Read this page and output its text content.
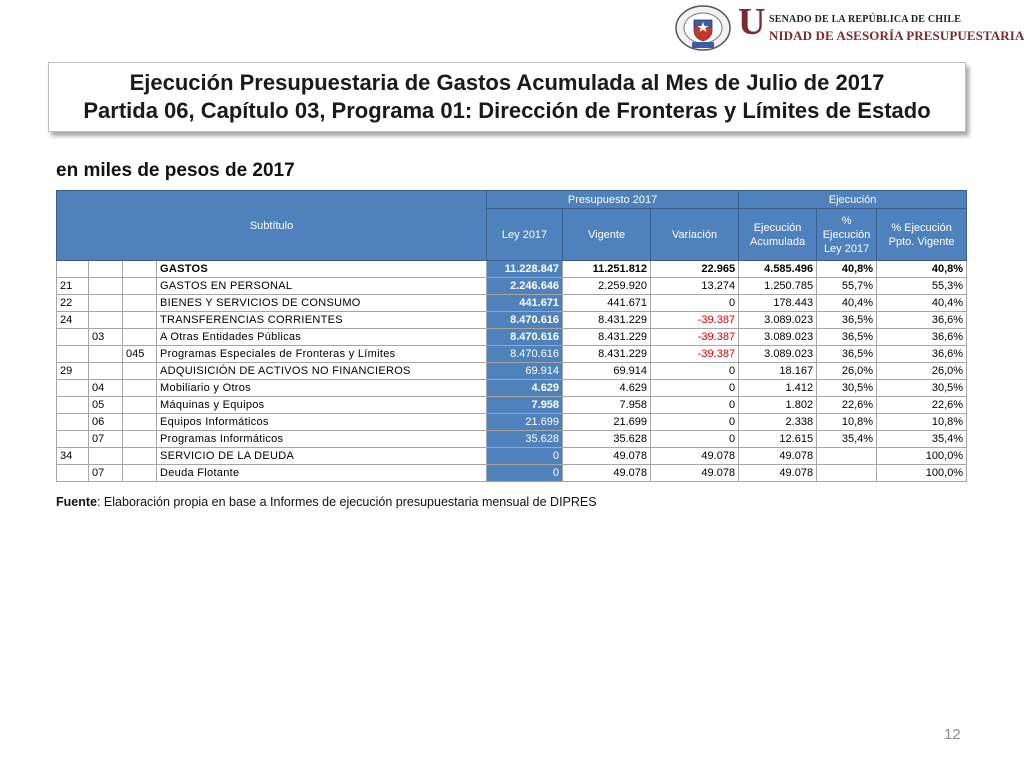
U SENADO DE LA REPÚBLICA DE CHILE
NIDAD DE ASESORÍA PRESUPUESTARIA
Ejecución Presupuestaria de Gastos Acumulada al Mes de Julio de 2017
Partida 06, Capítulo 03, Programa 01: Dirección de Fronteras y Límites de Estado
en miles de pesos de 2017
Subtítulo				Presupuesto 2017			Ejecución		
				Ley 2017	Vigente	Variación	Ejecución Acumulada	% Ejecución Ley 2017	% Ejecución Ppto. Vigente
			GASTOS	11.228.847	11.251.812	22.965	4.585.496	40,8%	40,8%
21			GASTOS EN PERSONAL	2.246.646	2.259.920	13.274	1.250.785	55,7%	55,3%
22			BIENES Y SERVICIOS DE CONSUMO	441.671	441.671	0	178.443	40,4%	40,4%
24			TRANSFERENCIAS CORRIENTES	8.470.616	8.431.229	-39.387	3.089.023	36,5%	36,6%
	03		A Otras Entidades Públicas	8.470.616	8.431.229	-39.387	3.089.023	36,5%	36,6%
		045	Programas Especiales de Fronteras y Límites	8.470.616	8.431.229	-39.387	3.089.023	36,5%	36,6%
29			ADQUISICIÓN DE ACTIVOS NO FINANCIEROS	69.914	69.914	0	18.167	26,0%	26,0%
	04		Mobiliario y Otros	4.629	4.629	0	1.412	30,5%	30,5%
	05		Máquinas y Equipos	7.958	7.958	0	1.802	22,6%	22,6%
	06		Equipos Informáticos	21.699	21.699	0	2.338	10,8%	10,8%
	07		Programas Informáticos	35.628	35.628	0	12.615	35,4%	35,4%
34			SERVICIO DE LA DEUDA	0	49.078	49.078	49.078		100,0%
	07		Deuda Flotante	0	49.078	49.078	49.078		100,0%
Fuente: Elaboración propia en base a Informes de ejecución presupuestaria mensual de DIPRES
12
